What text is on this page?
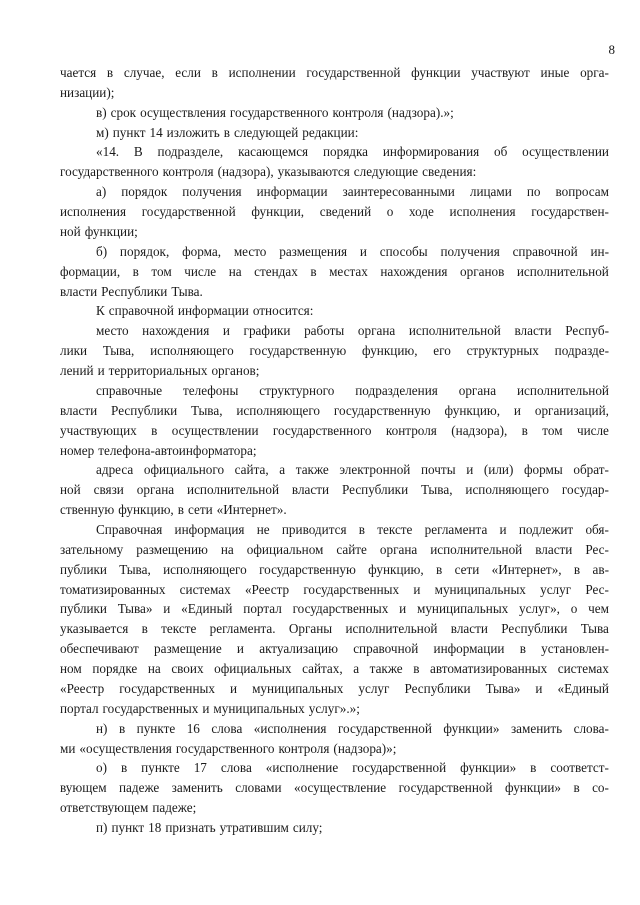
8
чается в случае, если в исполнении государственной функции участвуют иные орга-
низации);
в) срок осуществления государственного контроля (надзора).»;
м) пункт 14 изложить в следующей редакции:
«14. В подразделе, касающемся порядка информирования об осуществлении
государственного контроля (надзора), указываются следующие сведения:
а) порядок получения информации заинтересованными лицами по вопросам
исполнения государственной функции, сведений о ходе исполнения государствен-
ной функции;
б) порядок, форма, место размещения и способы получения справочной ин-
формации, в том числе на стендах в местах нахождения органов исполнительной
власти Республики Тыва.
К справочной информации относится:
место нахождения и графики работы органа исполнительной власти Респуб-
лики Тыва, исполняющего государственную функцию, его структурных подразде-
лений и территориальных органов;
справочные телефоны структурного подразделения органа исполнительной
власти Республики Тыва, исполняющего государственную функцию, и организаций,
участвующих в осуществлении государственного контроля (надзора), в том числе
номер телефона-автоинформатора;
адреса официального сайта, а также электронной почты и (или) формы обрат-
ной связи органа исполнительной власти Республики Тыва, исполняющего государ-
ственную функцию, в сети «Интернет».
Справочная информация не приводится в тексте регламента и подлежит обя-
зательному размещению на официальном сайте органа исполнительной власти Рес-
публики Тыва, исполняющего государственную функцию, в сети «Интернет», в ав-
томатизированных системах «Реестр государственных и муниципальных услуг Рес-
публики Тыва» и «Единый портал государственных и муниципальных услуг», о чем
указывается в тексте регламента. Органы исполнительной власти Республики Тыва
обеспечивают размещение и актуализацию справочной информации в установлен-
ном порядке на своих официальных сайтах, а также в автоматизированных системах
«Реестр государственных и муниципальных услуг Республики Тыва» и «Единый
портал государственных и муниципальных услуг».»;
н) в пункте 16 слова «исполнения государственной функции» заменить слова-
ми «осуществления государственного контроля (надзора)»;
о) в пункте 17 слова «исполнение государственной функции» в соответст-
вующем падеже заменить словами «осуществление государственной функции» в со-
ответствующем падеже;
п) пункт 18 признать утратившим силу;
